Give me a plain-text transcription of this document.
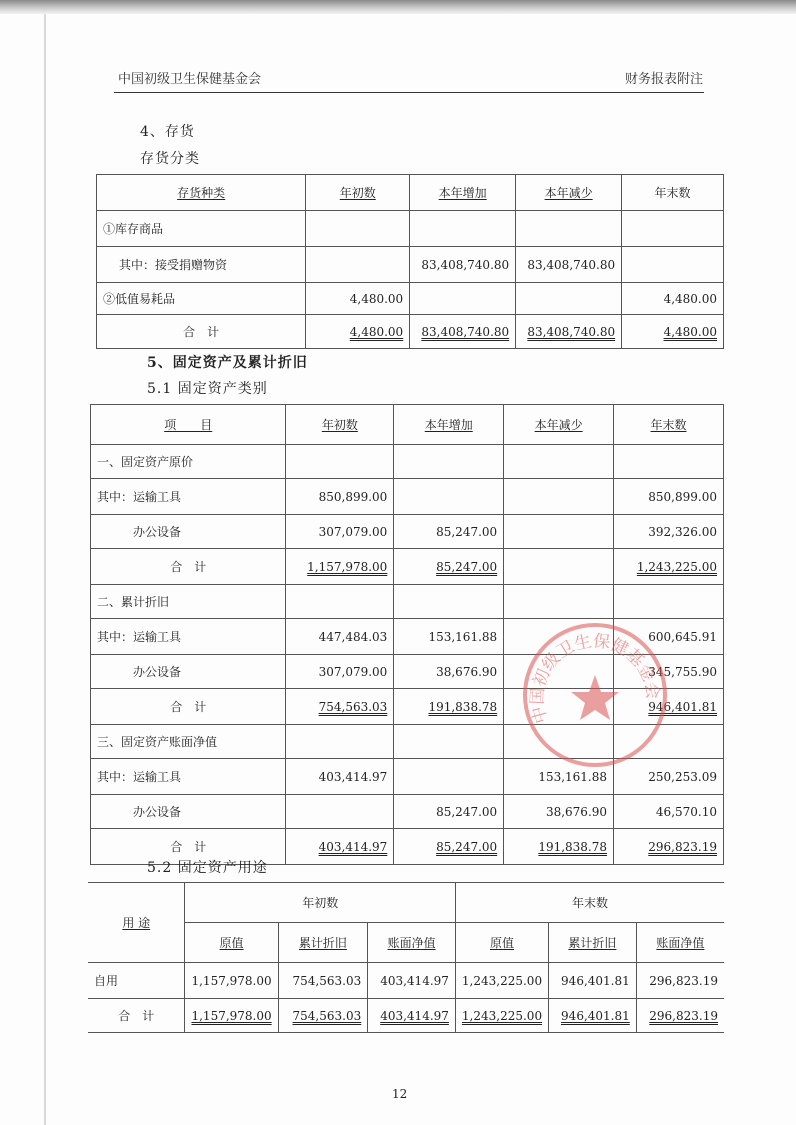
中国初级卫生保健基金会	财务报表附注
4、存货
存货分类
存货种类	年初数	本年增加	本年减少	年末数
①库存商品				
其中：接受捐赠物资		83,408,740.80	83,408,740.80	
②低值易耗品	4,480.00			4,480.00
合　计	4,480.00	83,408,740.80	83,408,740.80	4,480.00
5、固定资产及累计折旧
5.1 固定资产类别
项　　目	年初数	本年增加	本年减少	年末数
一、固定资产原价				
其中：运输工具	850,899.00			850,899.00
办公设备	307,079.00	85,247.00		392,326.00
合　计	1,157,978.00	85,247.00		1,243,225.00
二、累计折旧				
其中：运输工具	447,484.03	153,161.88		600,645.91
办公设备	307,079.00	38,676.90		345,755.90
合　计	754,563.03	191,838.78		946,401.81
三、固定资产账面净值				
其中：运输工具	403,414.97		153,161.88	250,253.09
办公设备		85,247.00	38,676.90	46,570.10
合　计	403,414.97	85,247.00	191,838.78	296,823.19
5.2 固定资产用途
用 途	年初数			年末数		
	原值	累计折旧	账面净值	原值	累计折旧	账面净值
自用	1,157,978.00	754,563.03	403,414.97	1,243,225.00	946,401.81	296,823.19
合　计	1,157,978.00	754,563.03	403,414.97	1,243,225.00	946,401.81	296,823.19
中国初级卫生保健基金会
12
